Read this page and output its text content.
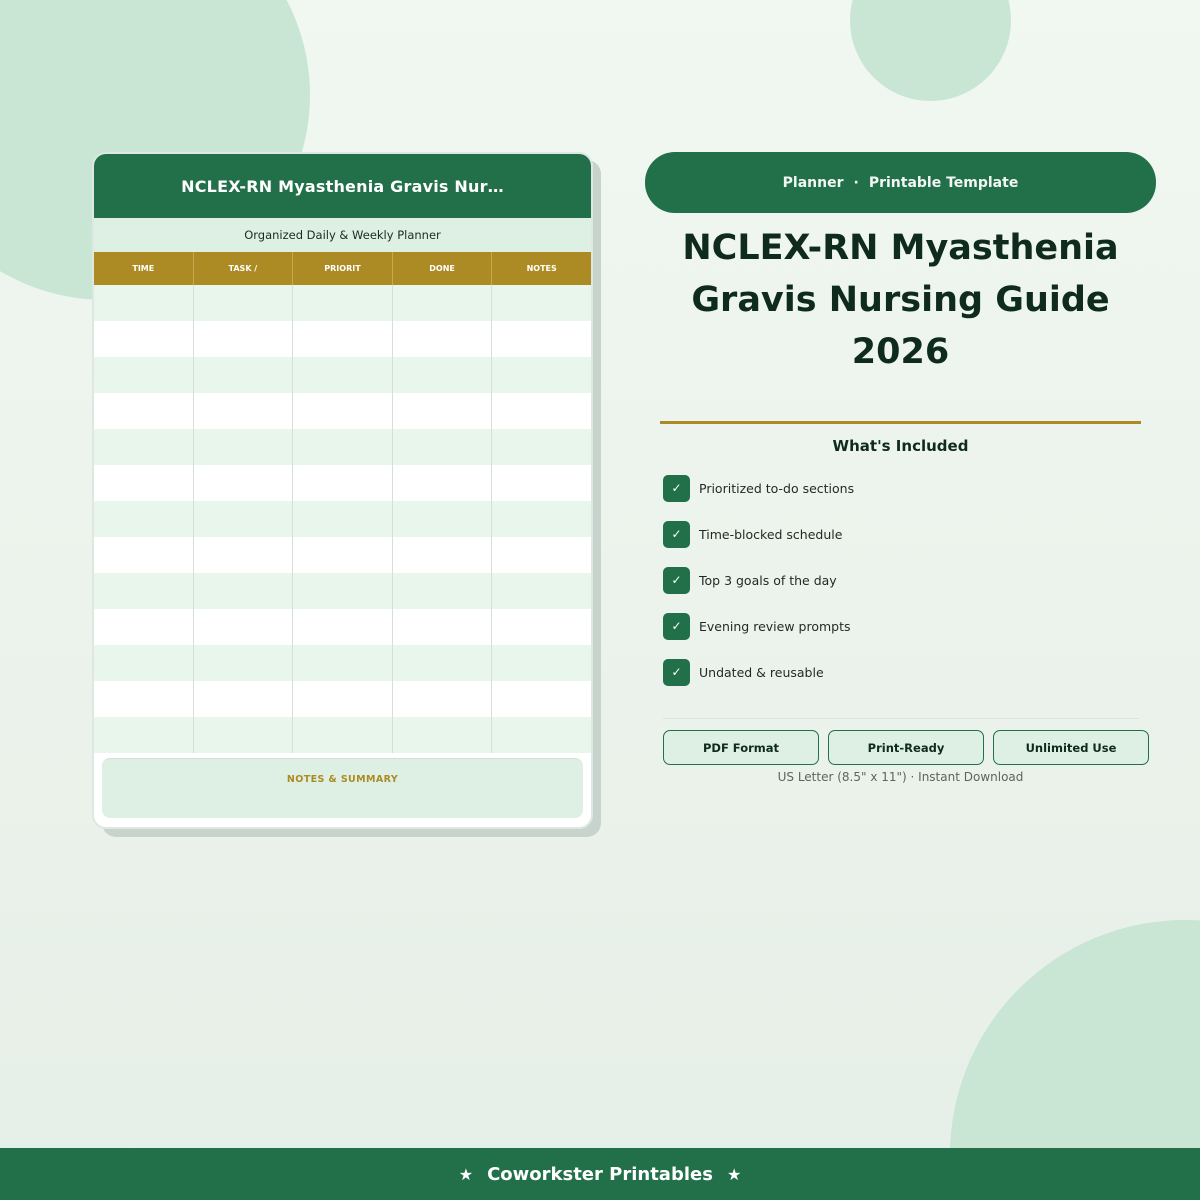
NCLEX-RN Myasthenia Gravis Nur…
Organized Daily & Weekly Planner
TIME	TASK /	PRIORIT	DONE	NOTES
NOTES & SUMMARY
Planner · Printable Template
NCLEX-RN Myasthenia Gravis Nursing Guide 2026
What's Included
✓	Prioritized to-do sections
✓	Time-blocked schedule
✓	Top 3 goals of the day
✓	Evening review prompts
✓	Undated & reusable
PDF Format	Print-Ready	Unlimited Use
US Letter (8.5" x 11") · Instant Download
★ Coworkster Printables ★
